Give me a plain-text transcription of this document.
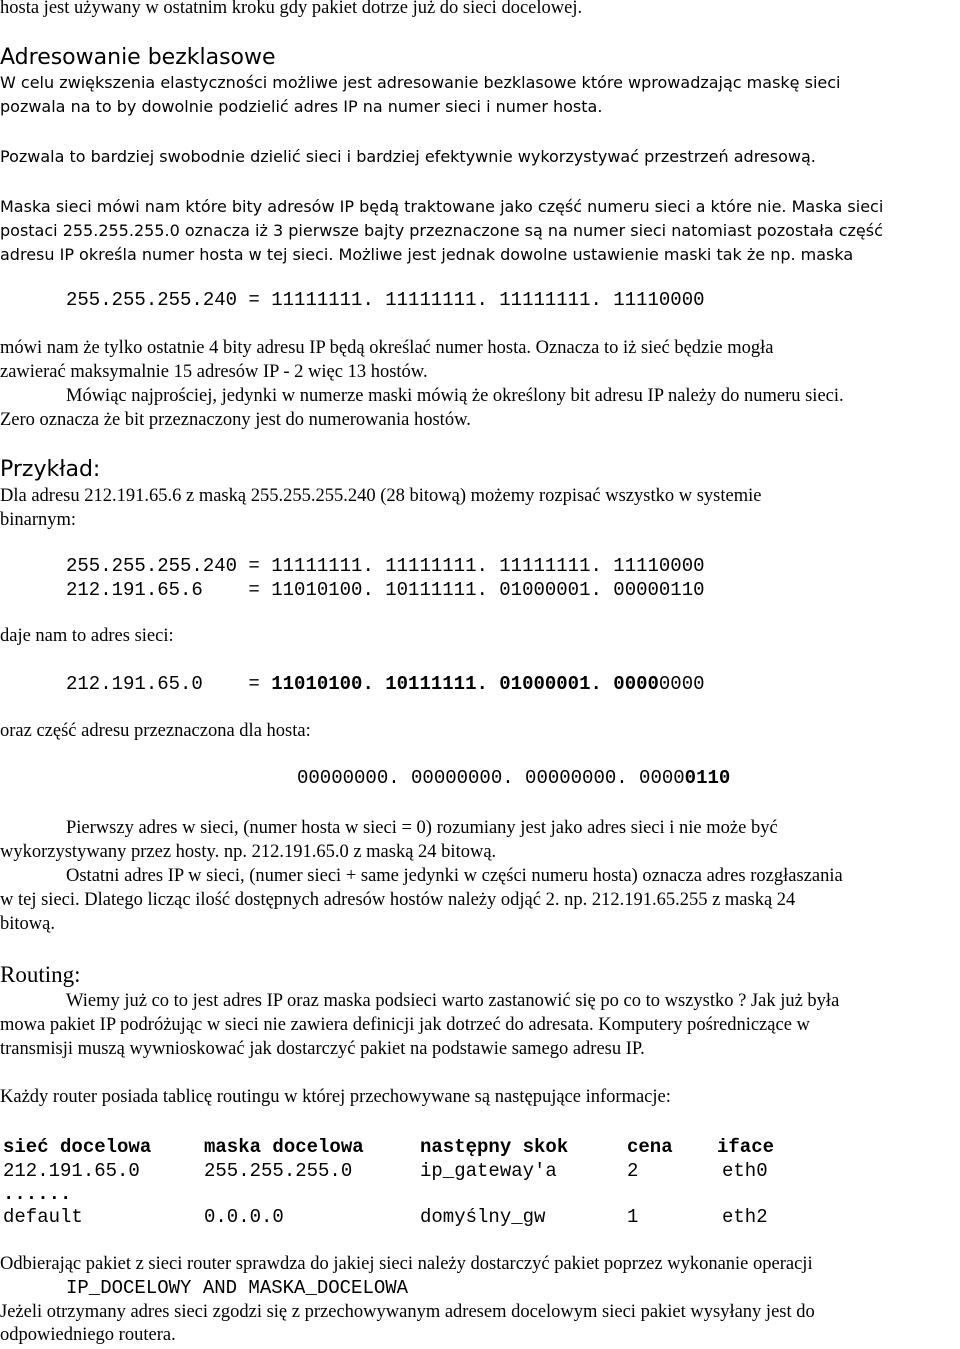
hosta jest używany w ostatnim kroku gdy pakiet dotrze już do sieci docelowej.
Adresowanie bezklasowe
W celu zwiększenia elastyczności możliwe jest adresowanie bezklasowe które wprowadzając maskę sieci
pozwala na to by dowolnie podzielić adres IP na numer sieci i numer hosta.
Pozwala to bardziej swobodnie dzielić sieci i bardziej efektywnie wykorzystywać przestrzeń adresową.
Maska sieci mówi nam które bity adresów IP będą traktowane jako część numeru sieci a które nie. Maska sieci
postaci 255.255.255.0 oznacza iż 3 pierwsze bajty przeznaczone są na numer sieci natomiast pozostała część
adresu IP określa numer hosta w tej sieci. Możliwe jest jednak dowolne ustawienie maski tak że np. maska
255.255.255.240 = 11111111. 11111111. 11111111. 11110000
mówi nam że tylko ostatnie 4 bity adresu IP będą określać numer hosta. Oznacza to iż sieć będzie mogła
zawierać maksymalnie 15 adresów IP - 2 więc 13 hostów.
Mówiąc najprościej, jedynki w numerze maski mówią że określony bit adresu IP należy do numeru sieci.
Zero oznacza że bit przeznaczony jest do numerowania hostów.
Przykład:
Dla adresu 212.191.65.6 z maską 255.255.255.240 (28 bitową) możemy rozpisać wszystko w systemie
binarnym:
255.255.255.240 = 11111111. 11111111. 11111111. 11110000
212.191.65.6    = 11010100. 10111111. 01000001. 00000110
daje nam to adres sieci:
212.191.65.0    = 11010100. 10111111. 01000001. 00000000
oraz część adresu przeznaczona dla hosta:
00000000. 00000000. 00000000. 00000110
Pierwszy adres w sieci, (numer hosta w sieci = 0) rozumiany jest jako adres sieci i nie może być
wykorzystywany przez hosty. np. 212.191.65.0 z maską 24 bitową.
Ostatni adres IP w sieci, (numer sieci + same jedynki w części numeru hosta) oznacza adres rozgłaszania
w tej sieci. Dlatego licząc ilość dostępnych adresów hostów należy odjąć 2. np. 212.191.65.255 z maską 24
bitową.
Routing:
Wiemy już co to jest adres IP oraz maska podsieci warto zastanowić się po co to wszystko ? Jak już była
mowa pakiet IP podróżując w sieci nie zawiera definicji jak dotrzeć do adresata. Komputery pośredniczące w
transmisji muszą wywnioskować jak dostarczyć pakiet na podstawie samego adresu IP.
Każdy router posiada tablicę routingu w której przechowywane są następujące informacje:
sieć docelowa	maska docelowa	następny skok	cena iface
212.191.65.0	255.255.255.0	ip_gateway'a	2	eth0
......
default	0.0.0.0	domyślny_gw	1	eth2
Odbierając pakiet z sieci router sprawdza do jakiej sieci należy dostarczyć pakiet poprzez wykonanie operacji
IP_DOCELOWY AND MASKA_DOCELOWA
Jeżeli otrzymany adres sieci zgodzi się z przechowywanym adresem docelowym sieci pakiet wysyłany jest do
odpowiedniego routera.
